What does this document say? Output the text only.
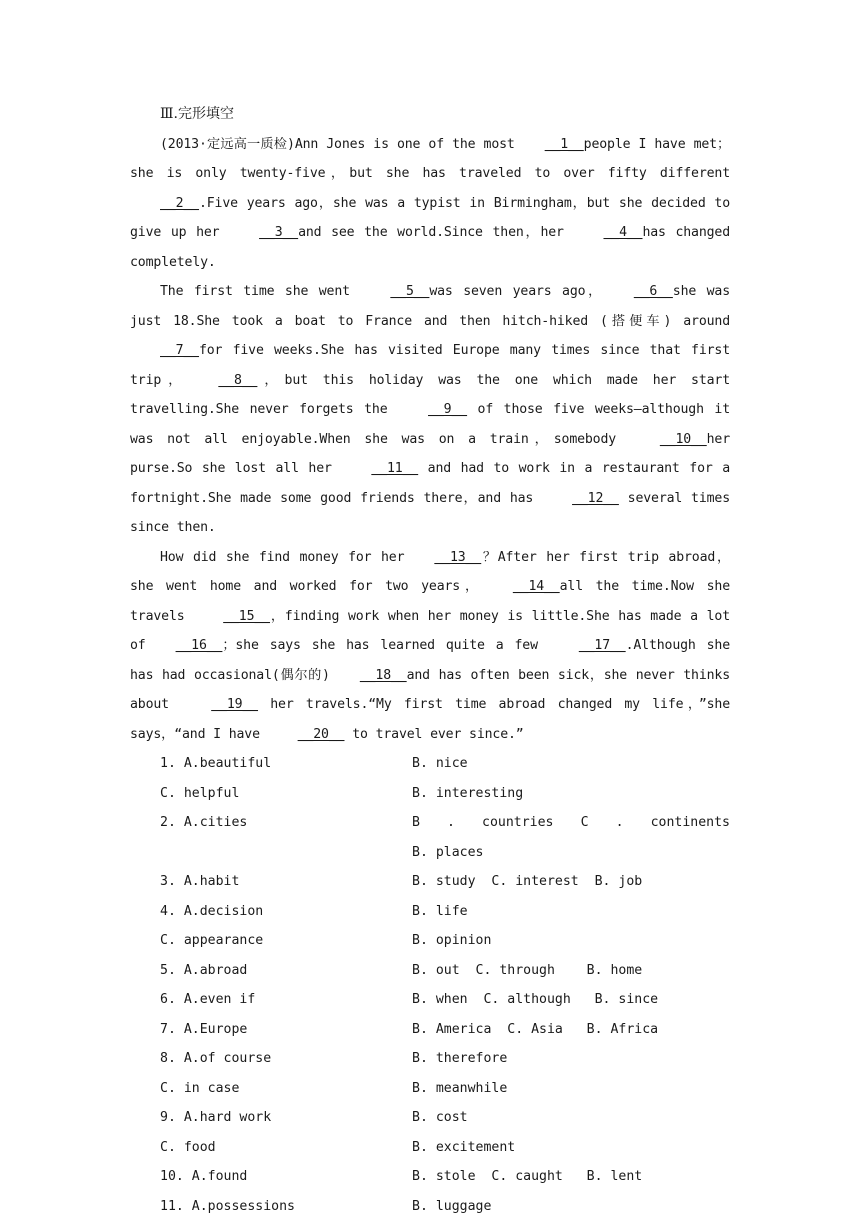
Ⅲ.完形填空

(2013·定远高一质检)Ann Jones is one of the most __1__people I have met；she is only twenty-five，but she has traveled to over fifty different __2__.Five years ago，she was a typist in Birmingham，but she decided to give up her __3__and see the world.Since then，her __4__has changed completely.

The first time she went __5__was seven years ago， __6__she was just 18.She took a boat to France and then hitch-hiked (搭便车) around __7__for five weeks.She has visited Europe many times since that first trip， __8__，but this holiday was the one which made her start travelling.She never forgets the __9__ of those five weeks—although it was not all enjoyable.When she was on a train，somebody __10__her purse.So she lost all her __11__ and had to work in a restaurant for a fortnight.She made some good friends there，and has __12__ several times since then.

How did she find money for her __13__？After her first trip abroad，she went home and worked for two years， __14__all the time.Now she travels __15__，finding work when her money is little.She has made a lot of __16__；she says she has learned quite a few __17__.Although she has had occasional(偶尔的) __18__and has often been sick，she never thinks about __19__ her travels.“My first time abroad changed my life，”she says，“and I have __20__ to travel ever since.”

1. A.beautiful	B. nice
C. helpful	B. interesting
2. A.cities	B . countries C . continents
B. places
3. A.habit	B. study  C. interest  B. job
4. A.decision	B. life
C. appearance	B. opinion
5. A.abroad	B. out  C. through    B. home
6. A.even if	B. when  C. although   B. since
7. A.Europe	B. America  C. Asia   B. Africa
8. A.of course	B. therefore
C. in case	B. meanwhile
9. A.hard work	B. cost
C. food	B. excitement
10. A.found	B. stole  C. caught   B. lent
11. A.possessions	B. luggage
